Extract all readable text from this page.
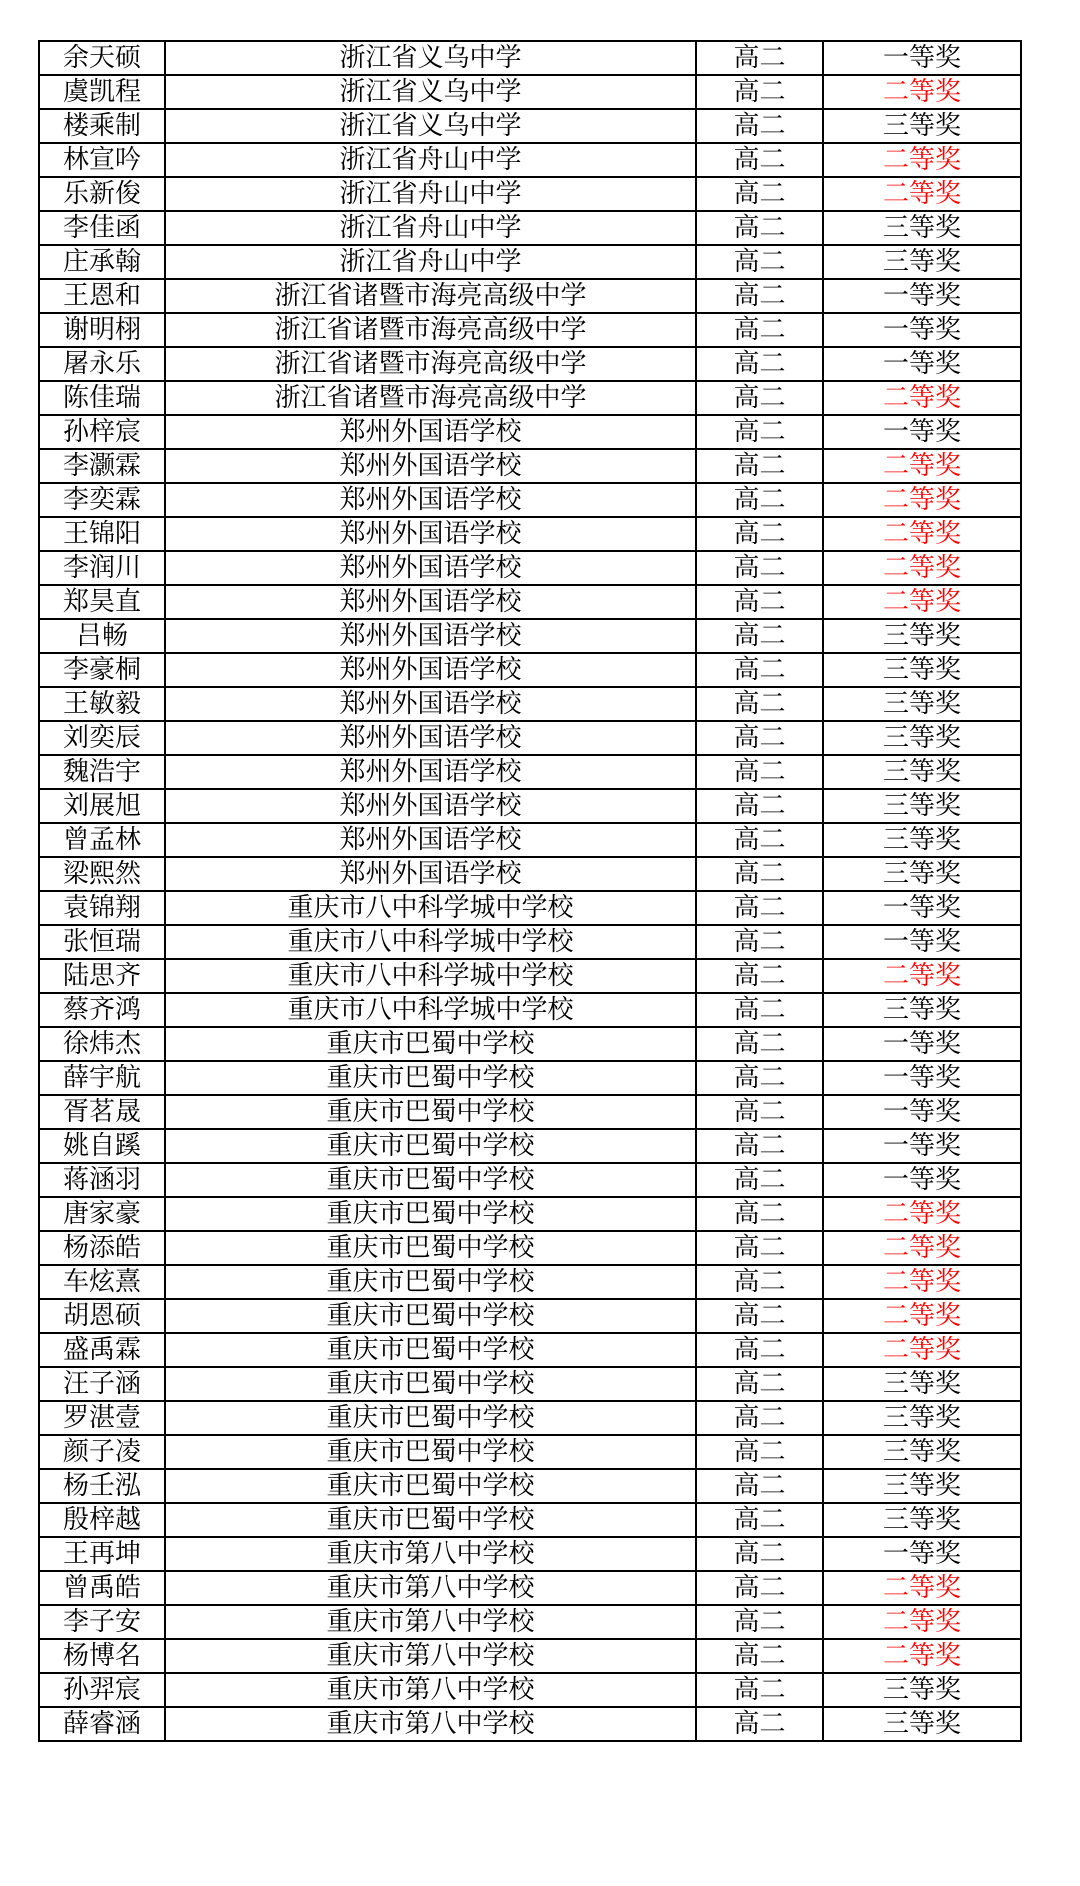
余天硕	浙江省义乌中学	高二	一等奖
虞凯程	浙江省义乌中学	高二	二等奖
楼乘制	浙江省义乌中学	高二	三等奖
林宣吟	浙江省舟山中学	高二	二等奖
乐新俊	浙江省舟山中学	高二	二等奖
李佳函	浙江省舟山中学	高二	三等奖
庄承翰	浙江省舟山中学	高二	三等奖
王恩和	浙江省诸暨市海亮高级中学	高二	一等奖
谢明栩	浙江省诸暨市海亮高级中学	高二	一等奖
屠永乐	浙江省诸暨市海亮高级中学	高二	一等奖
陈佳瑞	浙江省诸暨市海亮高级中学	高二	二等奖
孙梓宸	郑州外国语学校	高二	一等奖
李灏霖	郑州外国语学校	高二	二等奖
李奕霖	郑州外国语学校	高二	二等奖
王锦阳	郑州外国语学校	高二	二等奖
李润川	郑州外国语学校	高二	二等奖
郑昊直	郑州外国语学校	高二	二等奖
吕畅	郑州外国语学校	高二	三等奖
李豪桐	郑州外国语学校	高二	三等奖
王敏毅	郑州外国语学校	高二	三等奖
刘奕辰	郑州外国语学校	高二	三等奖
魏浩宇	郑州外国语学校	高二	三等奖
刘展旭	郑州外国语学校	高二	三等奖
曾孟林	郑州外国语学校	高二	三等奖
梁熙然	郑州外国语学校	高二	三等奖
袁锦翔	重庆市八中科学城中学校	高二	一等奖
张恒瑞	重庆市八中科学城中学校	高二	一等奖
陆思齐	重庆市八中科学城中学校	高二	二等奖
蔡齐鸿	重庆市八中科学城中学校	高二	三等奖
徐炜杰	重庆市巴蜀中学校	高二	一等奖
薛宇航	重庆市巴蜀中学校	高二	一等奖
胥茗晟	重庆市巴蜀中学校	高二	一等奖
姚自蹊	重庆市巴蜀中学校	高二	一等奖
蒋涵羽	重庆市巴蜀中学校	高二	一等奖
唐家豪	重庆市巴蜀中学校	高二	二等奖
杨添皓	重庆市巴蜀中学校	高二	二等奖
车炫熹	重庆市巴蜀中学校	高二	二等奖
胡恩硕	重庆市巴蜀中学校	高二	二等奖
盛禹霖	重庆市巴蜀中学校	高二	二等奖
汪子涵	重庆市巴蜀中学校	高二	三等奖
罗湛壹	重庆市巴蜀中学校	高二	三等奖
颜子凌	重庆市巴蜀中学校	高二	三等奖
杨壬泓	重庆市巴蜀中学校	高二	三等奖
殷梓越	重庆市巴蜀中学校	高二	三等奖
王再坤	重庆市第八中学校	高二	一等奖
曾禹皓	重庆市第八中学校	高二	二等奖
李子安	重庆市第八中学校	高二	二等奖
杨博名	重庆市第八中学校	高二	二等奖
孙羿宸	重庆市第八中学校	高二	三等奖
薛睿涵	重庆市第八中学校	高二	三等奖
